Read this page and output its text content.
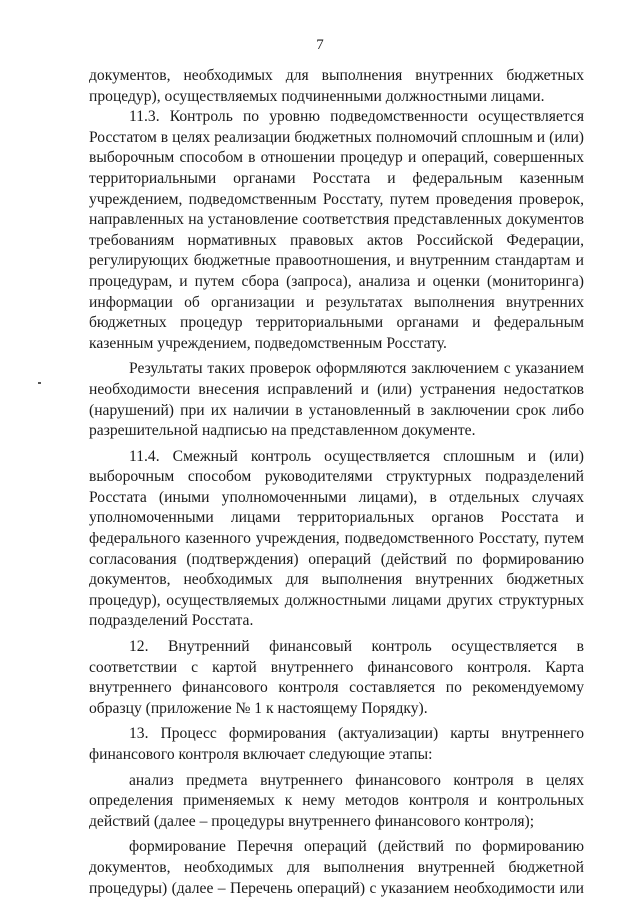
7

документов, необходимых для выполнения внутренних бюджетных процедур), осуществляемых подчиненными должностными лицами.

11.3. Контроль по уровню подведомственности осуществляется Росстатом в целях реализации бюджетных полномочий сплошным и (или) выборочным способом в отношении процедур и операций, совершенных территориальными органами Росстата и федеральным казенным учреждением, подведомственным Росстату, путем проведения проверок, направленных на установление соответствия представленных документов требованиям нормативных правовых актов Российской Федерации, регулирующих бюджетные правоотношения, и внутренним стандартам и процедурам, и путем сбора (запроса), анализа и оценки (мониторинга) информации об организации и результатах выполнения внутренних бюджетных процедур территориальными органами и федеральным казенным учреждением, подведомственным Росстату.

Результаты таких проверок оформляются заключением с указанием необходимости внесения исправлений и (или) устранения недостатков (нарушений) при их наличии в установленный в заключении срок либо разрешительной надписью на представленном документе.

11.4. Смежный контроль осуществляется сплошным и (или) выборочным способом руководителями структурных подразделений Росстата (иными уполномоченными лицами), в отдельных случаях уполномоченными лицами территориальных органов Росстата и федерального казенного учреждения, подведомственного Росстату, путем согласования (подтверждения) операций (действий по формированию документов, необходимых для выполнения внутренних бюджетных процедур), осуществляемых должностными лицами других структурных подразделений Росстата.

12. Внутренний финансовый контроль осуществляется в соответствии с картой внутреннего финансового контроля. Карта внутреннего финансового контроля составляется по рекомендуемому образцу (приложение № 1 к настоящему Порядку).

13. Процесс формирования (актуализации) карты внутреннего финансового контроля включает следующие этапы:

анализ предмета внутреннего финансового контроля в целях определения применяемых к нему методов контроля и контрольных действий (далее – процедуры внутреннего финансового контроля);

формирование Перечня операций (действий по формированию документов, необходимых для выполнения внутренней бюджетной процедуры) (далее – Перечень операций) с указанием необходимости или
